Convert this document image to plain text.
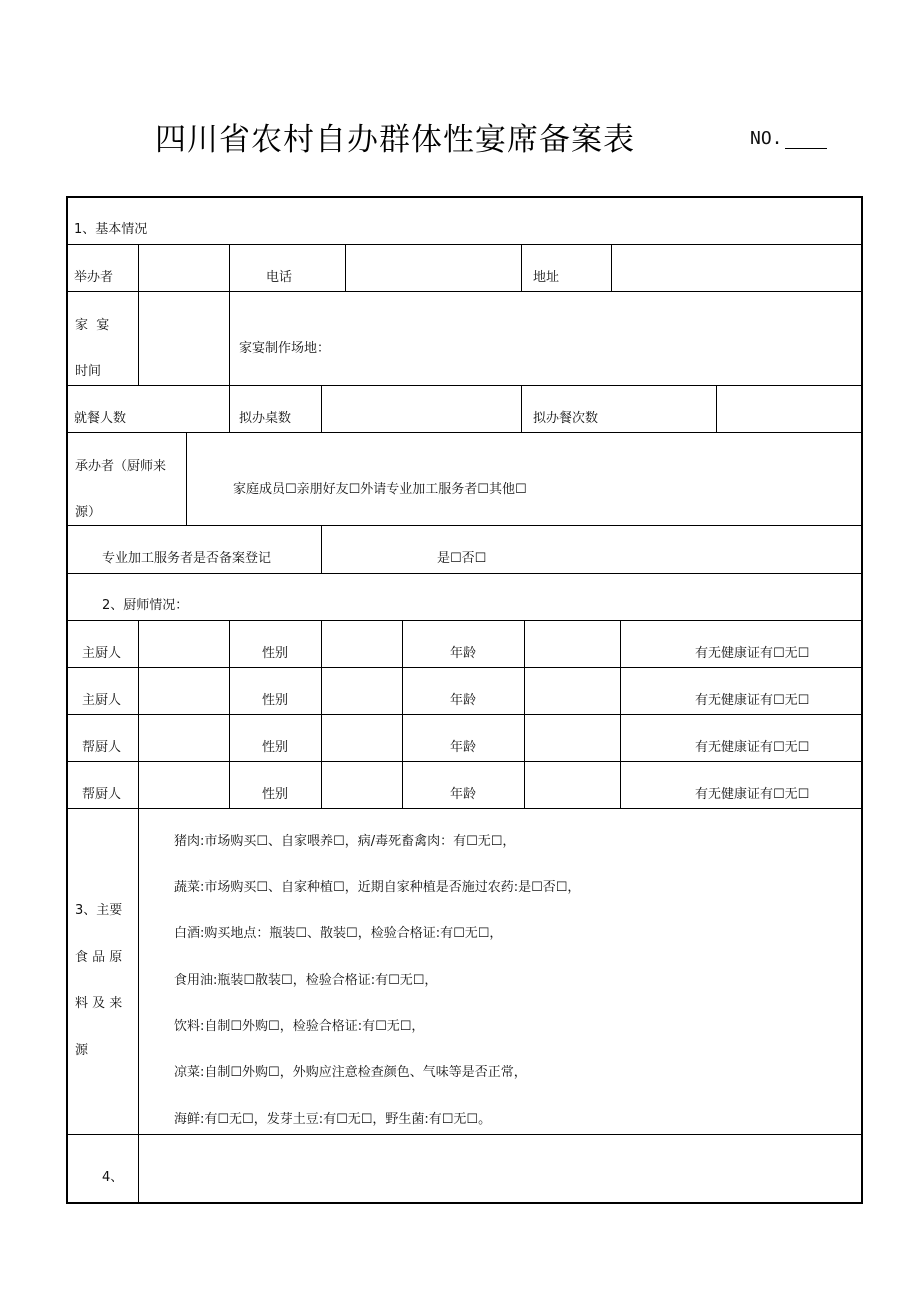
四川省农村自办群体性宴席备案表	NO.
1、基本情况
举办者	电话	地址
家  宴
时间
家宴制作场地：
就餐人数	拟办桌数	拟办餐次数
承办者（厨师来
源）
家庭成员☐亲朋好友☐外请专业加工服务者☐其他☐
专业加工服务者是否备案登记	是☐否☐
2、厨师情况：
主厨人	性别	年龄	有无健康证有☐无☐
主厨人	性别	年龄	有无健康证有☐无☐
帮厨人	性别	年龄	有无健康证有☐无☐
帮厨人	性别	年龄	有无健康证有☐无☐
3、主要
食 品 原
料 及 来
源
猪肉:市场购买☐、自家喂养☐，病/毒死畜禽肉：有☐无☐，
蔬菜:市场购买☐、自家种植☐，近期自家种植是否施过农药:是☐否☐，
白酒:购买地点：瓶装☐、散装☐，检验合格证:有☐无☐，
食用油:瓶装☐散装☐，检验合格证:有☐无☐，
饮料:自制☐外购☐，检验合格证:有☐无☐，
凉菜:自制☐外购☐，外购应注意检查颜色、气味等是否正常，
海鲜:有☐无☐，发芽土豆:有☐无☐，野生菌:有☐无☐。
4、
